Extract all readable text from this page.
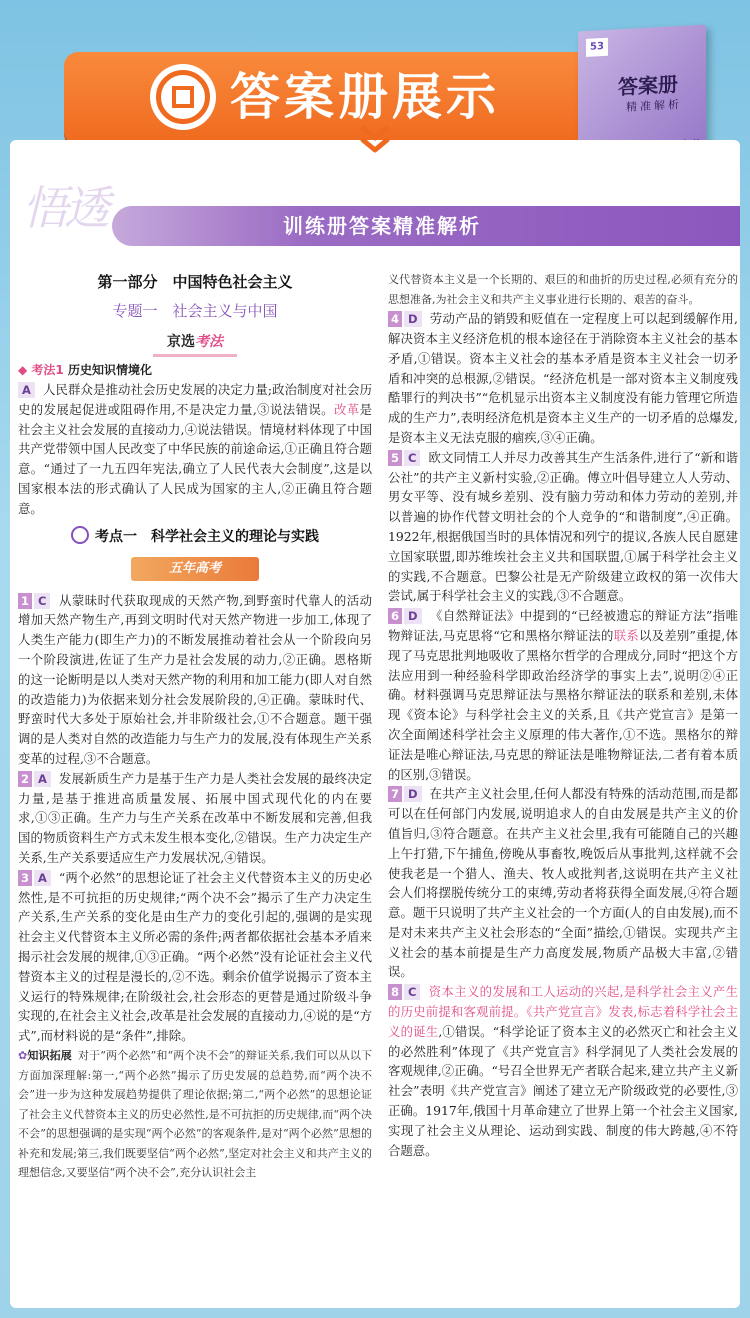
答案册展示
53
答案册
精准解析
悟透	训练册答案精准解析
第一部分　中国特色社会主义
专题一　社会主义与中国
京选考法
◆ 考法1 历史知识情境化

A 人民群众是推动社会历史发展的决定力量;政治制度对社会历史的发展起促进或阻碍作用,不是决定力量,③说法错误。改革是社会主义社会发展的直接动力,④说法错误。情境材料体现了中国共产党带领中国人民改变了中华民族的前途命运,①正确且符合题意。“通过了一九五四年宪法,确立了人民代表大会制度”,这是以国家根本法的形式确认了人民成为国家的主人,②正确且符合题意。

考点一　科学社会主义的理论与实践
五年高考

1 C 从蒙昧时代获取现成的天然产物,到野蛮时代靠人的活动增加天然产物生产,再到文明时代对天然产物进一步加工,体现了人类生产能力(即生产力)的不断发展推动着社会从一个阶段向另一个阶段演进,佐证了生产力是社会发展的动力,②正确。恩格斯的这一论断明是以人类对天然产物的利用和加工能力(即人对自然的改造能力)为依据来划分社会发展阶段的,④正确。蒙昧时代、野蛮时代大多处于原始社会,并非阶级社会,①不合题意。题干强调的是人类对自然的改造能力与生产力的发展,没有体现生产关系变革的过程,③不合题意。

2 A 发展新质生产力是基于生产力是人类社会发展的最终决定力量,是基于推进高质量发展、拓展中国式现代化的内在要求,①③正确。生产力与生产关系在改革中不断发展和完善,但我国的物质资料生产方式未发生根本变化,②错误。生产力决定生产关系,生产关系要适应生产力发展状况,④错误。

3 A “两个必然”的思想论证了社会主义代替资本主义的历史必然性,是不可抗拒的历史规律;“两个决不会”揭示了生产力决定生产关系,生产关系的变化是由生产力的变化引起的,强调的是实现社会主义代替资本主义所必需的条件;两者都依据社会基本矛盾来揭示社会发展的规律,①③正确。“两个必然”没有论证社会主义代替资本主义的过程是漫长的,②不选。剩余价值学说揭示了资本主义运行的特殊规律;在阶级社会,社会形态的更替是通过阶级斗争实现的,在社会主义社会,改革是社会发展的直接动力,④说的是“方式”,而材料说的是“条件”,排除。

✿知识拓展 对于“两个必然”和“两个决不会”的辩证关系,我们可以从以下方面加深理解:第一,“两个必然”揭示了历史发展的总趋势,而“两个决不会”进一步为这种发展趋势提供了理论依据;第二,“两个必然”的思想论证了社会主义代替资本主义的历史必然性,是不可抗拒的历史规律,而“两个决不会”的思想强调的是实现“两个必然”的客观条件,是对“两个必然”思想的补充和发展;第三,我们既要坚信“两个必然”,坚定对社会主义和共产主义的理想信念,又要坚信“两个决不会”,充分认识社会主

义代替资本主义是一个长期的、艰巨的和曲折的历史过程,必须有充分的思想准备,为社会主义和共产主义事业进行长期的、艰苦的奋斗。

4 D 劳动产品的销毁和贬值在一定程度上可以起到缓解作用,解决资本主义经济危机的根本途径在于消除资本主义社会的基本矛盾,①错误。资本主义社会的基本矛盾是资本主义社会一切矛盾和冲突的总根源,②错误。“经济危机是一部对资本主义制度残酷罪行的判决书”“危机显示出资本主义制度没有能力管理它所造成的生产力”,表明经济危机是资本主义生产的一切矛盾的总爆发,是资本主义无法克服的痼疾,③④正确。

5 C 欧文同情工人并尽力改善其生产生活条件,进行了“新和谐公社”的共产主义新村实验,②正确。傅立叶倡导建立人人劳动、男女平等、没有城乡差别、没有脑力劳动和体力劳动的差别,并以普遍的协作代替文明社会的个人竞争的“和谐制度”,④正确。1922年,根据俄国当时的具体情况和列宁的提议,各族人民自愿建立国家联盟,即苏维埃社会主义共和国联盟,①属于科学社会主义的实践,不合题意。巴黎公社是无产阶级建立政权的第一次伟大尝试,属于科学社会主义的实践,③不合题意。

6 D 《自然辩证法》中提到的“已经被遗忘的辩证方法”指唯物辩证法,马克思将“它和黑格尔辩证法的联系以及差别”重提,体现了马克思批判地吸收了黑格尔哲学的合理成分,同时“把这个方法应用到一种经验科学即政治经济学的事实上去”,说明②④正确。材料强调马克思辩证法与黑格尔辩证法的联系和差别,未体现《资本论》与科学社会主义的关系,且《共产党宣言》是第一次全面阐述科学社会主义原理的伟大著作,①不选。黑格尔的辩证法是唯心辩证法,马克思的辩证法是唯物辩证法,二者有着本质的区别,③错误。

7 D 在共产主义社会里,任何人都没有特殊的活动范围,而是都可以在任何部门内发展,说明追求人的自由发展是共产主义的价值旨归,③符合题意。在共产主义社会里,我有可能随自己的兴趣上午打猎,下午捕鱼,傍晚从事畜牧,晚饭后从事批判,这样就不会使我老是一个猎人、渔夫、牧人或批判者,这说明在共产主义社会人们将摆脱传统分工的束缚,劳动者将获得全面发展,④符合题意。题干只说明了共产主义社会的一个方面(人的自由发展),而不是对未来共产主义社会形态的“全面”描绘,①错误。实现共产主义社会的基本前提是生产力高度发展,物质产品极大丰富,②错误。

8 C 资本主义的发展和工人运动的兴起,是科学社会主义产生的历史前提和客观前提。《共产党宣言》发表,标志着科学社会主义的诞生,①错误。“科学论证了资本主义的必然灭亡和社会主义的必然胜利”体现了《共产党宣言》科学洞见了人类社会发展的客观规律,②正确。“号召全世界无产者联合起来,建立共产主义新社会”表明《共产党宣言》阐述了建立无产阶级政党的必要性,③正确。1917年,俄国十月革命建立了世界上第一个社会主义国家,实现了社会主义从理论、运动到实践、制度的伟大跨越,④不符合题意。
